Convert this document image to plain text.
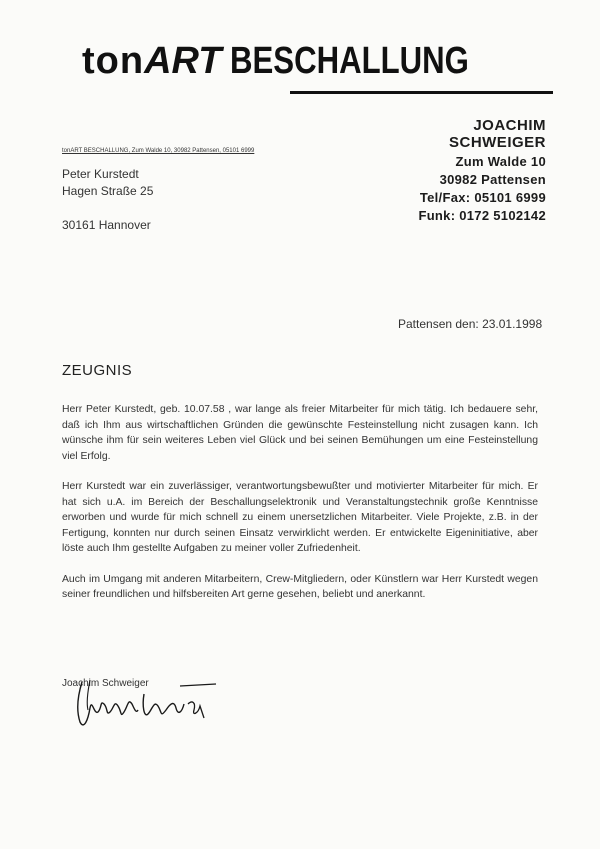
ton ART BESCHALLUNG
JOACHIM SCHWEIGER
Zum Walde 10
30982 Pattensen
Tel/Fax: 05101 6999
Funk: 0172 5102142
tonART BESCHALLUNG, Zum Walde 10, 30982 Pattensen, 05101 6999
Peter Kurstedt
Hagen Straße 25
30161 Hannover
Pattensen den: 23.01.1998
ZEUGNIS

Herr Peter Kurstedt, geb. 10.07.58 , war lange als freier Mitarbeiter für mich tätig. Ich bedauere sehr, daß ich Ihm aus wirtschaftlichen Gründen die gewünschte Festeinstellung nicht zusagen kann. Ich wünsche ihm für sein weiteres Leben viel Glück und bei seinen Bemühungen um eine Festeinstellung viel Erfolg.

Herr Kurstedt war ein zuverlässiger, verantwortungsbewußter und motivierter Mitarbeiter für mich. Er hat sich u.A. im Bereich der Beschallungselektronik und Veranstaltungstechnik große Kenntnisse erworben und wurde für mich schnell zu einem unersetzlichen Mitarbeiter. Viele Projekte, z.B. in der Fertigung, konnten nur durch seinen Einsatz verwirklicht werden. Er entwickelte Eigeninitiative, aber löste auch Ihm gestellte Aufgaben zu meiner voller Zufriedenheit.

Auch im Umgang mit anderen Mitarbeitern, Crew-Mitgliedern, oder Künstlern war Herr Kurstedt wegen seiner freundlichen und hilfsbereiten Art gerne gesehen, beliebt und anerkannt.

Joachim Schweiger
